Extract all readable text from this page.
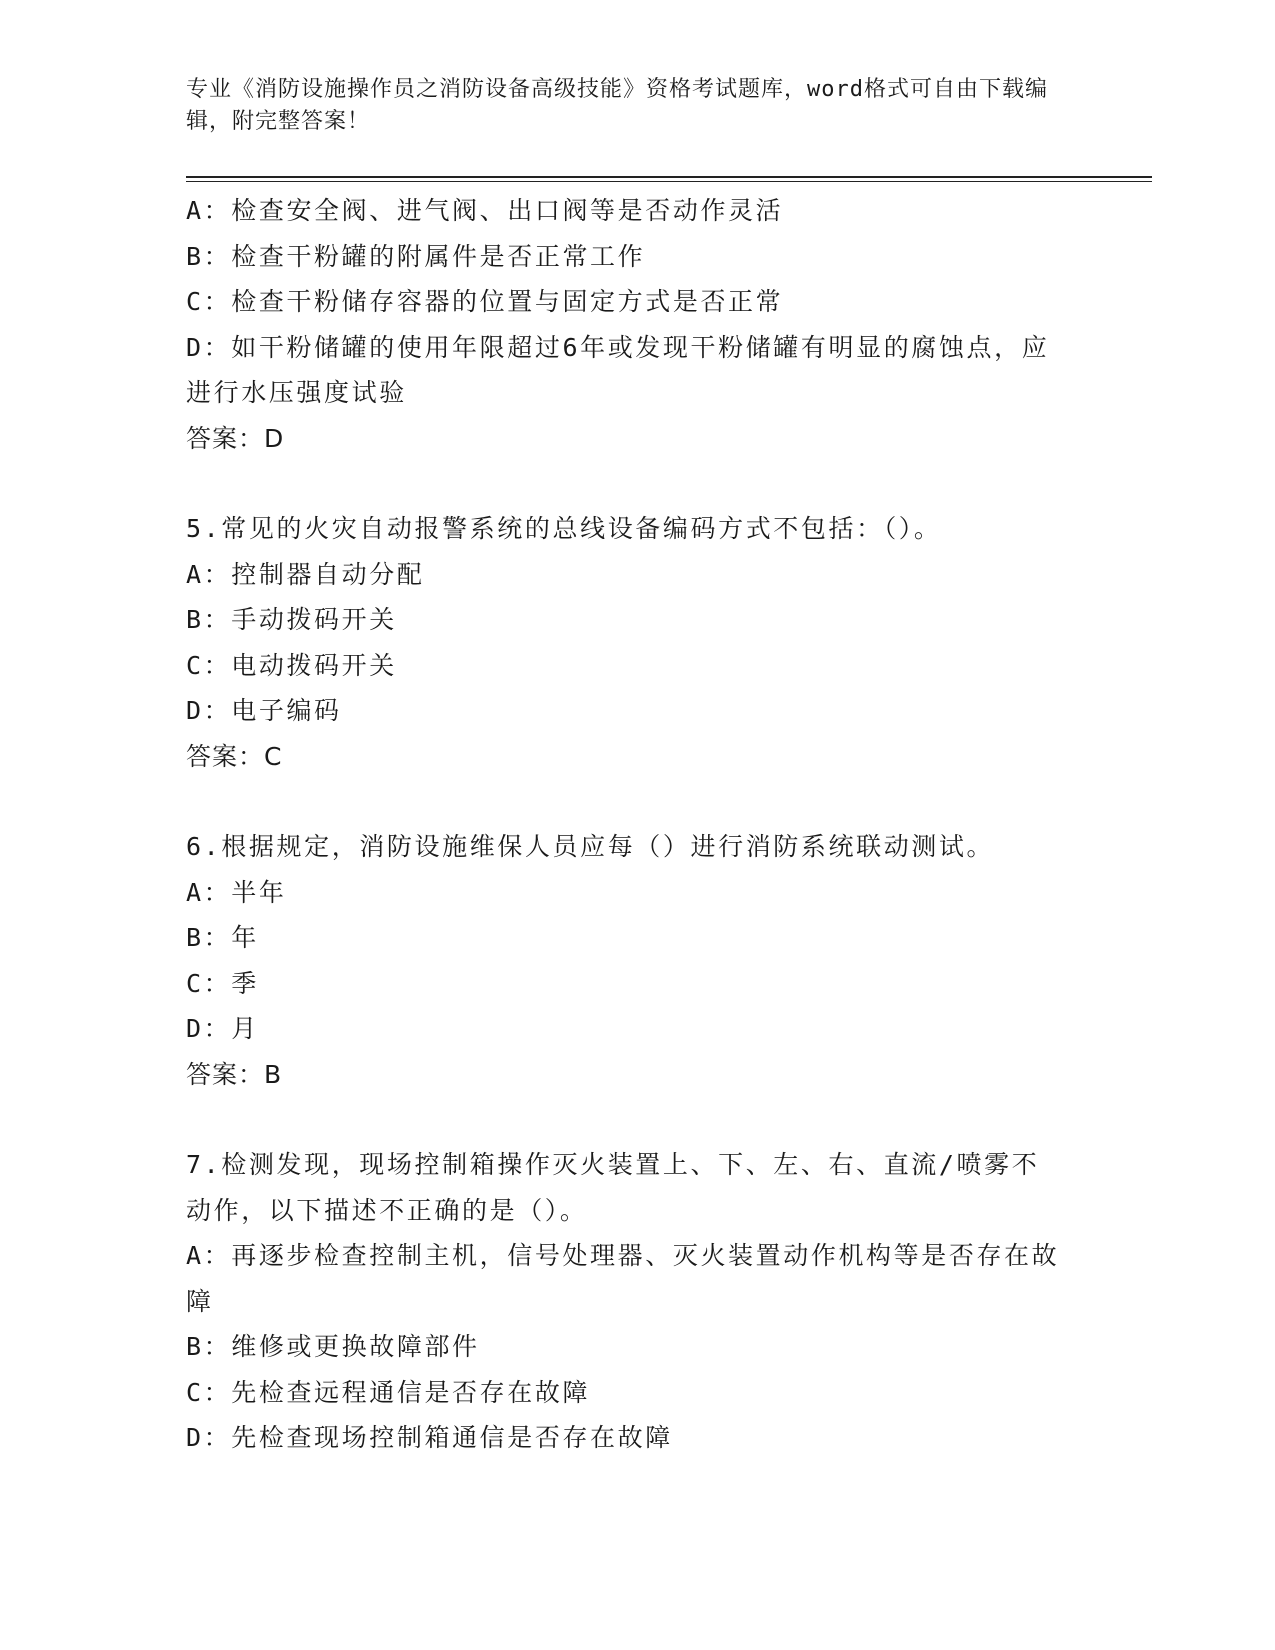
专业《消防设施操作员之消防设备高级技能》资格考试题库，word格式可自由下载编辑，附完整答案！
A：检查安全阀、进气阀、出口阀等是否动作灵活
B：检查干粉罐的附属件是否正常工作
C：检查干粉储存容器的位置与固定方式是否正常
D：如干粉储罐的使用年限超过6年或发现干粉储罐有明显的腐蚀点，应进行水压强度试验
答案：D
5.常见的火灾自动报警系统的总线设备编码方式不包括：（）。
A：控制器自动分配
B：手动拨码开关
C：电动拨码开关
D：电子编码
答案：C
6.根据规定，消防设施维保人员应每（）进行消防系统联动测试。
A：半年
B：年
C：季
D：月
答案：B
7.检测发现，现场控制箱操作灭火装置上、下、左、右、直流/喷雾不动作，以下描述不正确的是（）。
A：再逐步检查控制主机，信号处理器、灭火装置动作机构等是否存在故障
B：维修或更换故障部件
C：先检查远程通信是否存在故障
D：先检查现场控制箱通信是否存在故障
